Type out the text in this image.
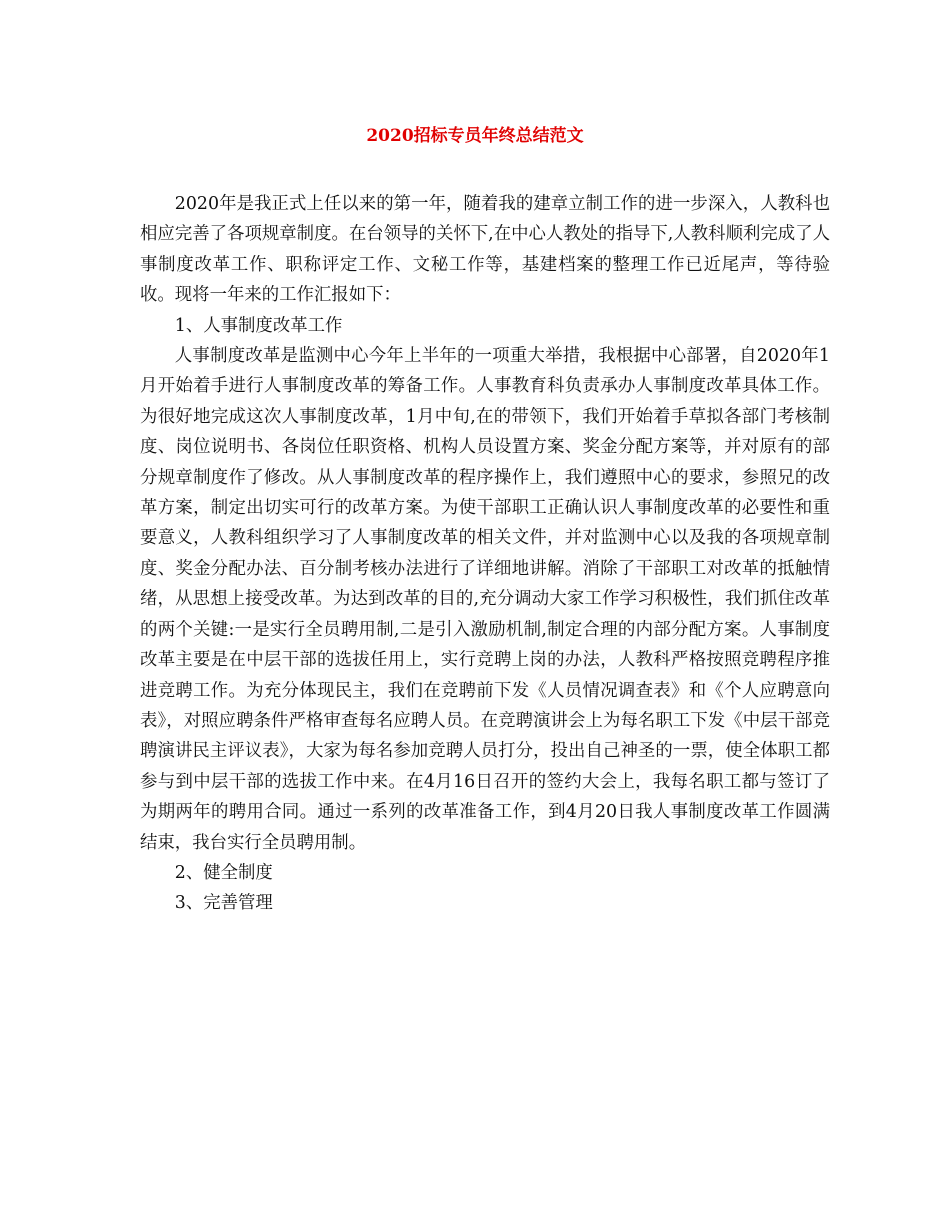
2020招标专员年终总结范文

2020年是我正式上任以来的第一年，随着我的建章立制工作的进一步深入，人教科也相应完善了各项规章制度。在台领导的关怀下,在中心人教处的指导下,人教科顺利完成了人事制度改革工作、职称评定工作、文秘工作等，基建档案的整理工作已近尾声，等待验收。现将一年来的工作汇报如下：

1、人事制度改革工作

人事制度改革是监测中心今年上半年的一项重大举措，我根据中心部署，自2020年1月开始着手进行人事制度改革的筹备工作。人事教育科负责承办人事制度改革具体工作。为很好地完成这次人事制度改革，1月中旬,在的带领下，我们开始着手草拟各部门考核制度、岗位说明书、各岗位任职资格、机构人员设置方案、奖金分配方案等，并对原有的部分规章制度作了修改。从人事制度改革的程序操作上，我们遵照中心的要求，参照兄的改革方案，制定出切实可行的改革方案。为使干部职工正确认识人事制度改革的必要性和重要意义，人教科组织学习了人事制度改革的相关文件，并对监测中心以及我的各项规章制度、奖金分配办法、百分制考核办法进行了详细地讲解。消除了干部职工对改革的抵触情绪，从思想上接受改革。为达到改革的目的,充分调动大家工作学习积极性，我们抓住改革的两个关键:一是实行全员聘用制,二是引入激励机制,制定合理的内部分配方案。人事制度改革主要是在中层干部的选拔任用上，实行竞聘上岗的办法，人教科严格按照竞聘程序推进竞聘工作。为充分体现民主，我们在竞聘前下发《人员情况调查表》和《个人应聘意向表》，对照应聘条件严格审查每名应聘人员。在竞聘演讲会上为每名职工下发《中层干部竞聘演讲民主评议表》，大家为每名参加竞聘人员打分，投出自己神圣的一票，使全体职工都参与到中层干部的选拔工作中来。在4月16日召开的签约大会上，我每名职工都与签订了为期两年的聘用合同。通过一系列的改革准备工作，到4月20日我人事制度改革工作圆满结束，我台实行全员聘用制。

2、健全制度

3、完善管理
